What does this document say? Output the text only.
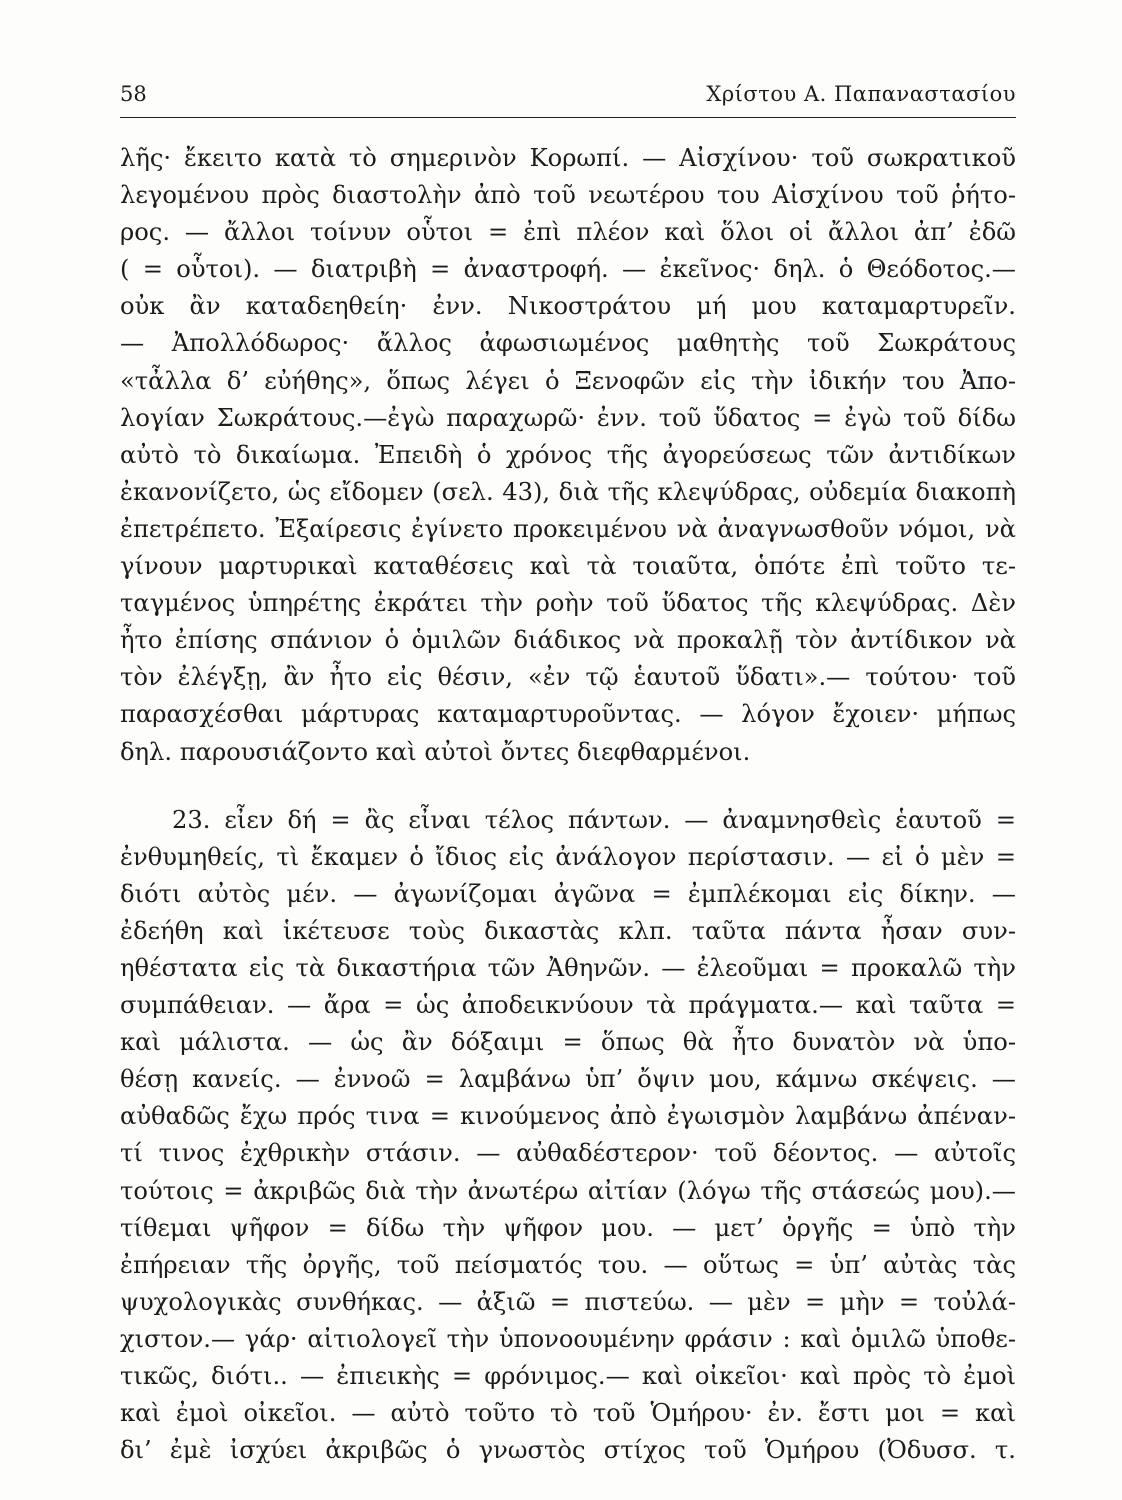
58	Χρίστου Α. Παπαναστασίου
λῆς· ἔκειτο κατὰ τὸ σημερινὸν Κορωπί. — Αἰσχίνου· τοῦ σωκρατικοῦ
λεγομένου πρὸς διαστολὴν ἀπὸ τοῦ νεωτέρου του Αἰσχίνου τοῦ ῥήτο-
ρος. — ἄλλοι τοίνυν οὗτοι = ἐπὶ πλέον καὶ ὅλοι οἱ ἄλλοι ἀπ’ ἐδῶ
( = οὗτοι). — διατριβὴ = ἀναστροφή. — ἐκεῖνος· δηλ. ὁ Θεόδοτος.—
οὐκ ἂν καταδεηθείη· ἐνν. Νικοστράτου μή μου καταμαρτυρεῖν.
— Ἀπολλόδωρος· ἄλλος ἀφωσιωμένος μαθητὴς τοῦ Σωκράτους
«τἆλλα δ’ εὐήθης», ὅπως λέγει ὁ Ξενοφῶν εἰς τὴν ἰδικήν του Ἀπο-
λογίαν Σωκράτους.—ἐγὼ παραχωρῶ· ἐνν. τοῦ ὕδατος = ἐγὼ τοῦ δίδω
αὐτὸ τὸ δικαίωμα. Ἐπειδὴ ὁ χρόνος τῆς ἀγορεύσεως τῶν ἀντιδίκων
ἐκανονίζετο, ὡς εἴδομεν (σελ. 43), διὰ τῆς κλεψύδρας, οὐδεμία διακοπὴ
ἐπετρέπετο. Ἐξαίρεσις ἐγίνετο προκειμένου νὰ ἀναγνωσθοῦν νόμοι, νὰ
γίνουν μαρτυρικαὶ καταθέσεις καὶ τὰ τοιαῦτα, ὁπότε ἐπὶ τοῦτο τε-
ταγμένος ὑπηρέτης ἐκράτει τὴν ροὴν τοῦ ὕδατος τῆς κλεψύδρας. Δὲν
ἦτο ἐπίσης σπάνιον ὁ ὁμιλῶν διάδικος νὰ προκαλῇ τὸν ἀντίδικον νὰ
τὸν ἐλέγξῃ, ἂν ἦτο εἰς θέσιν, «ἐν τῷ ἑαυτοῦ ὕδατι».— τούτου· τοῦ
παρασχέσθαι μάρτυρας καταμαρτυροῦντας. — λόγον ἔχοιεν· μήπως
δηλ. παρουσιάζοντο καὶ αὐτοὶ ὄντες διεφθαρμένοι.
23. εἶεν δή = ἂς εἶναι τέλος πάντων. — ἀναμνησθεὶς ἑαυτοῦ =
ἐνθυμηθείς, τὶ ἔκαμεν ὁ ἴδιος εἰς ἀνάλογον περίστασιν. — εἰ ὁ μὲν =
διότι αὐτὸς μέν. — ἀγωνίζομαι ἀγῶνα = ἐμπλέκομαι εἰς δίκην. —
ἐδεήθη καὶ ἱκέτευσε τοὺς δικαστὰς κλπ. ταῦτα πάντα ἦσαν συν-
ηθέστατα εἰς τὰ δικαστήρια τῶν Ἀθηνῶν. — ἐλεοῦμαι = προκαλῶ τὴν
συμπάθειαν. — ἄρα = ὡς ἀποδεικνύουν τὰ πράγματα.— καὶ ταῦτα =
καὶ μάλιστα. — ὡς ἂν δόξαιμι = ὅπως θὰ ἦτο δυνατὸν νὰ ὑπο-
θέσῃ κανείς. — ἐννοῶ = λαμβάνω ὑπ’ ὄψιν μου, κάμνω σκέψεις. —
αὐθαδῶς ἔχω πρός τινα = κινούμενος ἀπὸ ἐγωισμὸν λαμβάνω ἀπέναν-
τί τινος ἐχθρικὴν στάσιν. — αὐθαδέστερον· τοῦ δέοντος. — αὐτοῖς
τούτοις = ἀκριβῶς διὰ τὴν ἀνωτέρω αἰτίαν (λόγω τῆς στάσεώς μου).—
τίθεμαι ψῆφον = δίδω τὴν ψῆφον μου. — μετ’ ὀργῆς = ὑπὸ τὴν
ἐπήρειαν τῆς ὀργῆς, τοῦ πείσματός του. — οὕτως = ὑπ’ αὐτὰς τὰς
ψυχολογικὰς συνθήκας. — ἀξιῶ = πιστεύω. — μὲν = μὴν = τοὐλά-
χιστον.— γάρ· αἰτιολογεῖ τὴν ὑπονοουμένην φράσιν : καὶ ὁμιλῶ ὑποθε-
τικῶς, διότι.. — ἐπιεικὴς = φρόνιμος.— καὶ οἰκεῖοι· καὶ πρὸς τὸ ἐμοὶ
καὶ ἐμοὶ οἰκεῖοι. — αὐτὸ τοῦτο τὸ τοῦ Ὁμήρου· ἐν. ἔστι μοι = καὶ
δι’ ἐμὲ ἰσχύει ἀκριβῶς ὁ γνωστὸς στίχος τοῦ Ὁμήρου (Ὀδυσσ. τ.
